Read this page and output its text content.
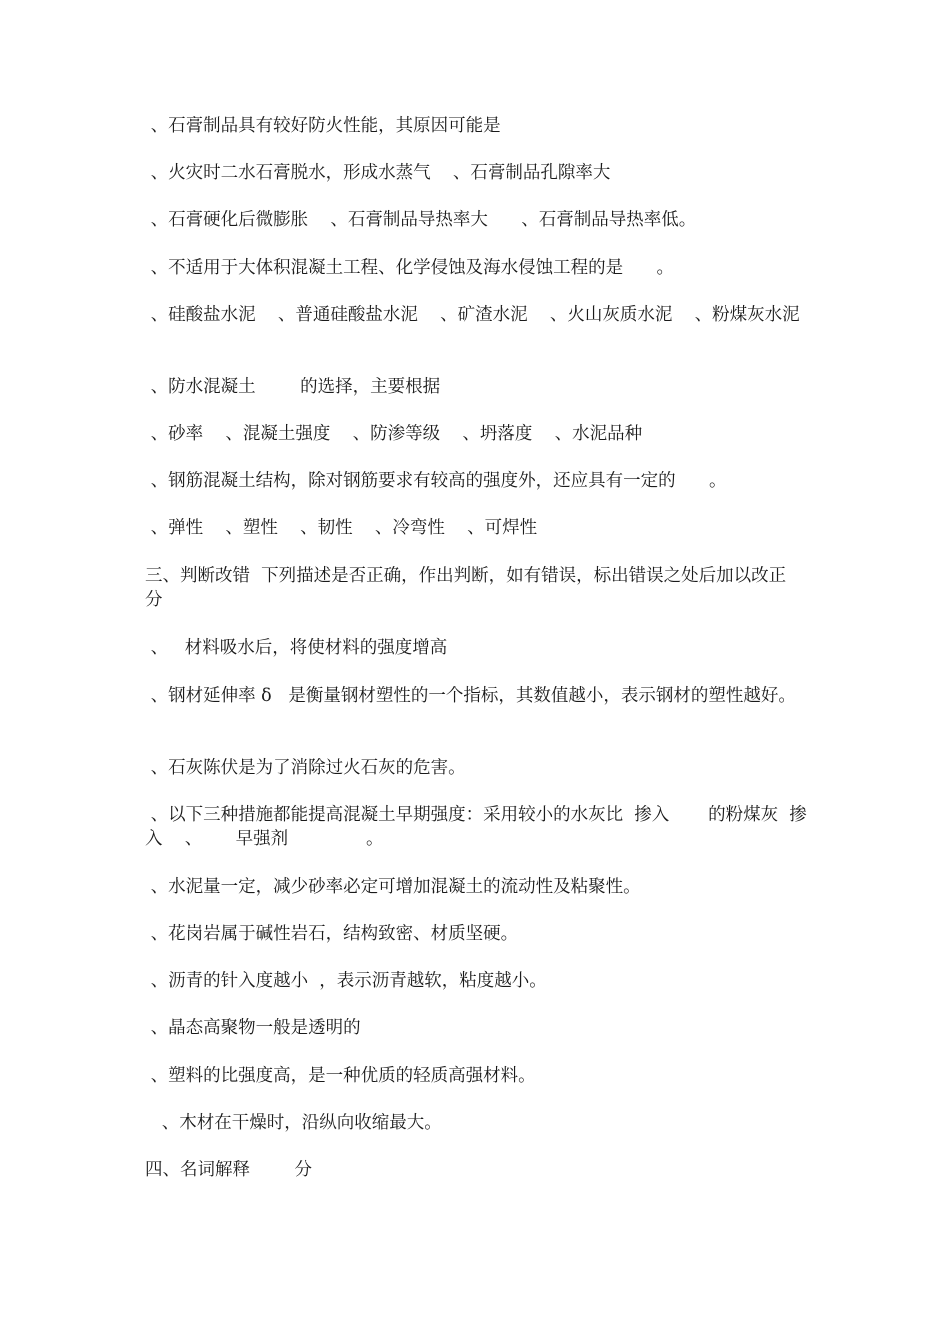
、石膏制品具有较好防火性能，其原因可能是
、火灾时二水石膏脱水，形成水蒸气    、石膏制品孔隙率大
、石膏硬化后微膨胀    、石膏制品导热率大      、石膏制品导热率低。
、不适用于大体积混凝土工程、化学侵蚀及海水侵蚀工程的是      。
、硅酸盐水泥    、普通硅酸盐水泥    、矿渣水泥    、火山灰质水泥    、粉煤灰水泥
、防水混凝土        的选择，主要根据
、砂率    、混凝土强度    、防渗等级    、坍落度    、水泥品种
、钢筋混凝土结构，除对钢筋要求有较高的强度外，还应具有一定的      。
、弹性    、塑性    、韧性    、冷弯性    、可焊性
三、判断改错  下列描述是否正确，作出判断，如有错误，标出错误之处后加以改正        分
、   材料吸水后，将使材料的强度增高
、钢材延伸率 δ   是衡量钢材塑性的一个指标，其数值越小，表示钢材的塑性越好。
、石灰陈伏是为了消除过火石灰的危害。
、以下三种措施都能提高混凝土早期强度：采用较小的水灰比  掺入       的粉煤灰  掺入    、      早强剂              。
、水泥量一定，减少砂率必定可增加混凝土的流动性及粘聚性。
、花岗岩属于碱性岩石，结构致密、材质坚硬。
、沥青的针入度越小  ，表示沥青越软，粘度越小。
、晶态高聚物一般是透明的
、塑料的比强度高，是一种优质的轻质高强材料。
、木材在干燥时，沿纵向收缩最大。
四、名词解释        分
